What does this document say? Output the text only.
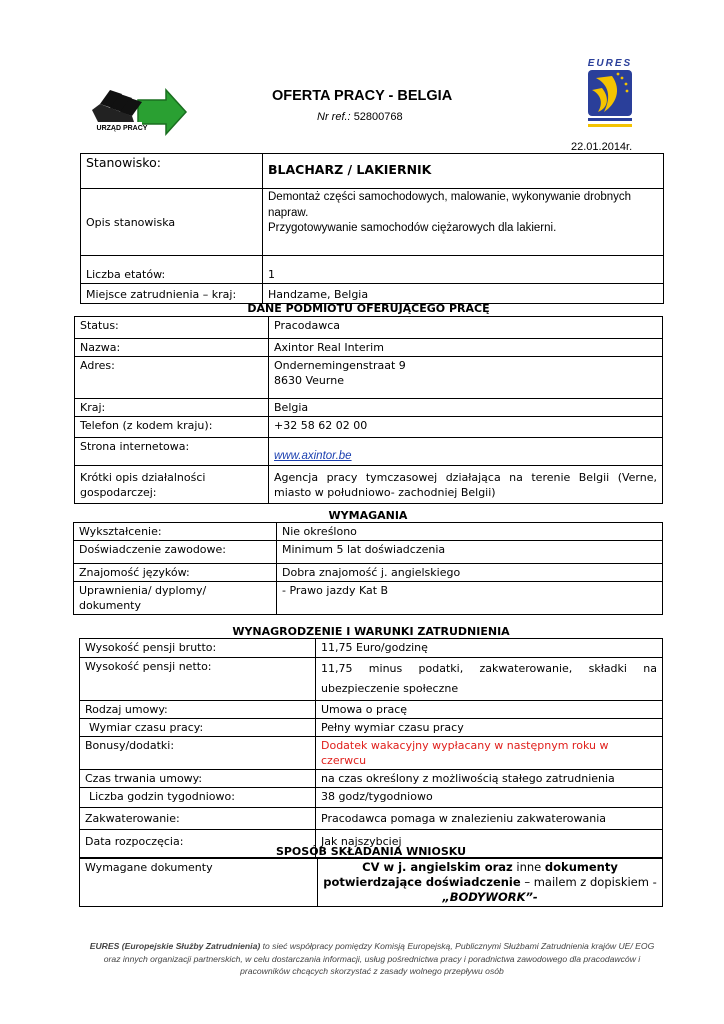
URZĄD PRACY
EURES
OFERTA PRACY - BELGIA
Nr ref.: 52800768
22.01.2014r.
Stanowisko:	BLACHARZ / LAKIERNIK
Opis stanowiska	Demontaż części samochodowych, malowanie, wykonywanie drobnych napraw.
Przygotowywanie samochodów ciężarowych dla lakierni.

Liczba etatów:	1
Miejsce zatrudnienia – kraj:	Handzame, Belgia
DANE PODMIOTU OFERUJĄCEGO PRACĘ
Status:	Pracodawca
Nazwa:	Axintor Real Interim
Adres:	Ondernemingenstraat 9
8630 Veurne

Kraj:	Belgia
Telefon (z kodem kraju):	+32 58 62 02 00
Strona internetowa:	www.axintor.be
Krótki opis działalności gospodarczej:	Agencja pracy tymczasowej działająca na terenie Belgii (Verne, miasto w południowo- zachodniej Belgii)
WYMAGANIA
Wykształcenie:	Nie określono
Doświadczenie zawodowe:	Minimum 5 lat doświadczenia
Znajomość języków:	Dobra znajomość j. angielskiego
Uprawnienia/ dyplomy/ dokumenty	- Prawo jazdy Kat B
WYNAGRODZENIE I WARUNKI ZATRUDNIENIA
Wysokość pensji brutto:	11,75 Euro/godzinę
Wysokość pensji netto:	11,75 minus podatki, zakwaterowanie, składki na ubezpieczenie społeczne
Rodzaj umowy:	Umowa o pracę
Wymiar czasu pracy:	Pełny wymiar czasu pracy
Bonusy/dodatki:	Dodatek wakacyjny wypłacany w następnym roku w czerwcu
Czas trwania umowy:	na czas określony z możliwością stałego zatrudnienia
Liczba godzin tygodniowo:	38 godz/tygodniowo
Zakwaterowanie:	Pracodawca pomaga w znalezieniu zakwaterowania
Data rozpoczęcia:	Jak najszybciej
SPOSÓB SKŁADANIA WNIOSKU
Wymagane dokumenty	CV w j. angielskim oraz inne dokumenty potwierdzające doświadczenie – mailem z dopiskiem - „BODYWORK”-
EURES (Europejskie Służby Zatrudnienia) to sieć współpracy pomiędzy Komisją Europejską, Publicznymi Służbami Zatrudnienia krajów UE/ EOG
oraz innych organizacji partnerskich, w celu dostarczania informacji, usług pośrednictwa pracy i poradnictwa zawodowego dla pracodawców i
pracowników chcących skorzystać z zasady wolnego przepływu osób
